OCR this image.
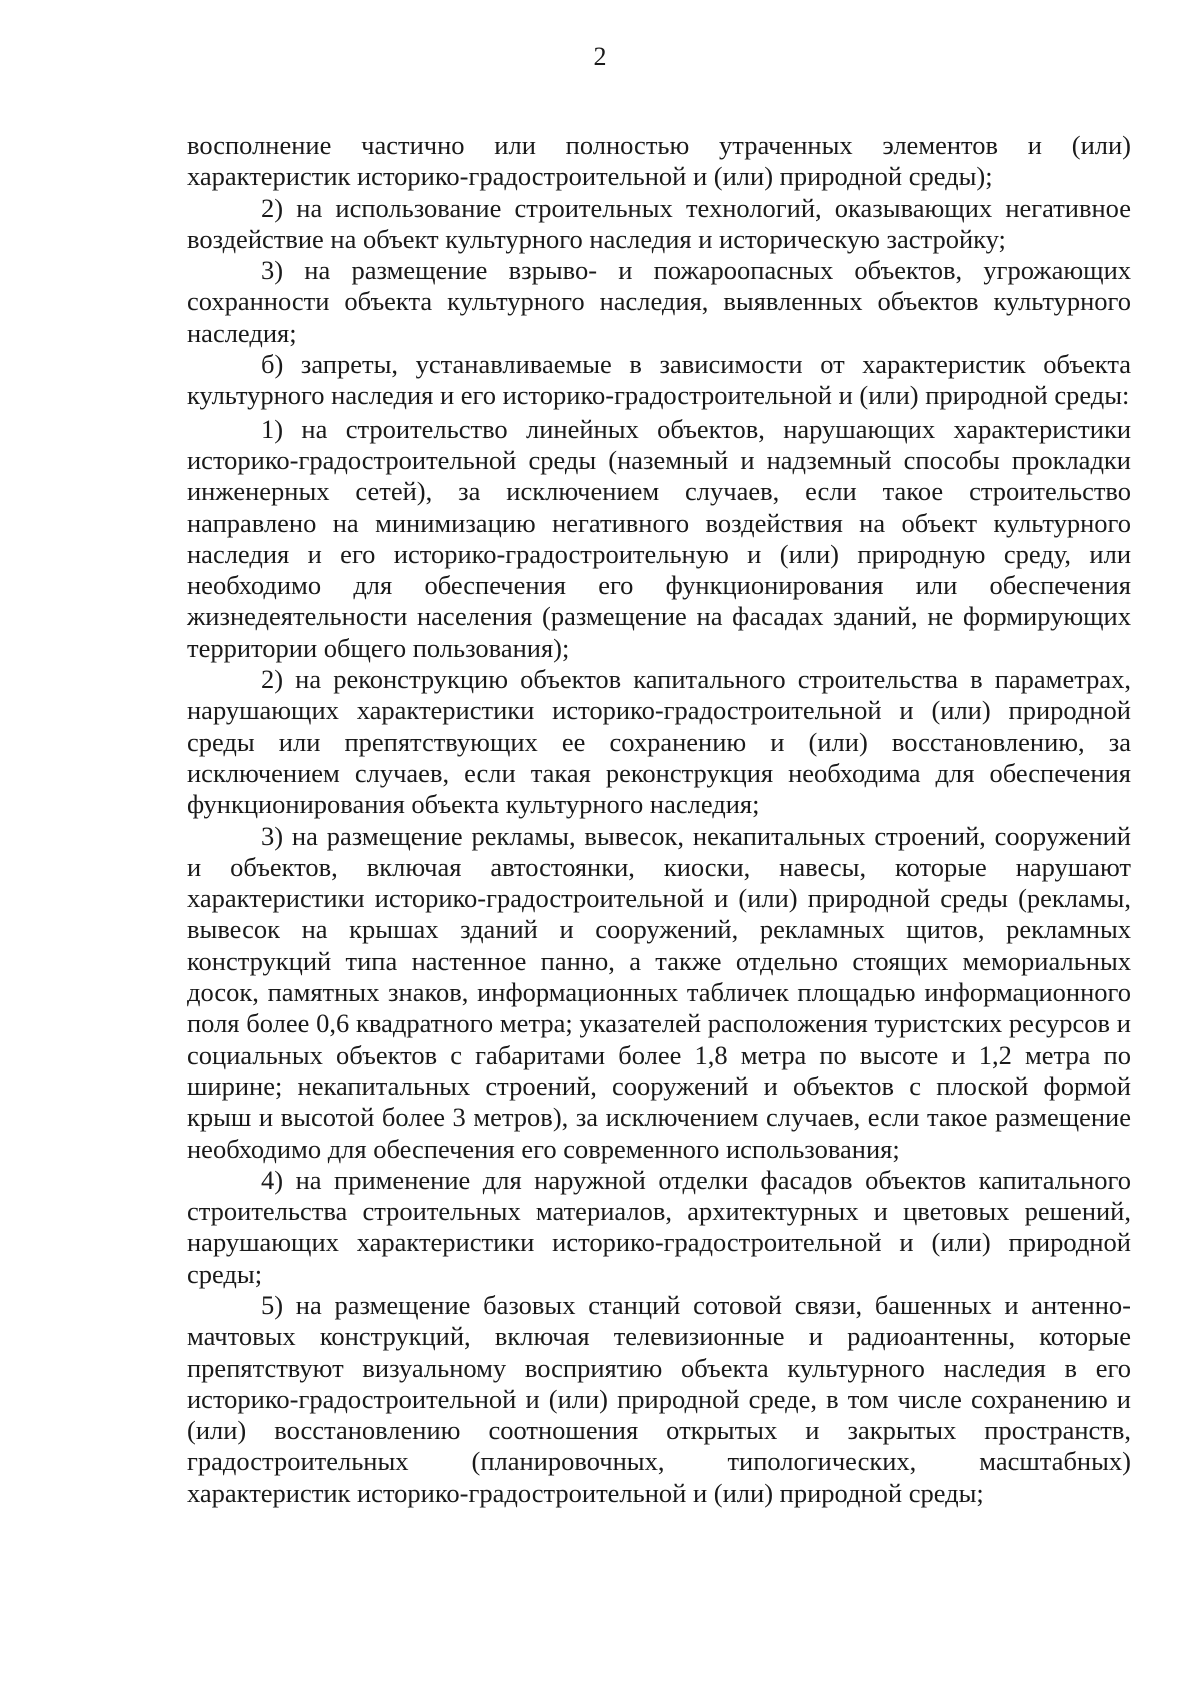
2

восполнение частично или полностью утраченных элементов и (или) характеристик историко-градостроительной и (или) природной среды);

2) на использование строительных технологий, оказывающих негативное воздействие на объект культурного наследия и историческую застройку;

3) на размещение взрыво- и пожароопасных объектов, угрожающих сохранности объекта культурного наследия, выявленных объектов культурного наследия;

б) запреты, устанавливаемые в зависимости от характеристик объекта культурного наследия и его историко-градостроительной и (или) природной среды:

1) на строительство линейных объектов, нарушающих характеристики историко-градостроительной среды (наземный и надземный способы прокладки инженерных сетей), за исключением случаев, если такое строительство направлено на минимизацию негативного воздействия на объект культурного наследия и его историко-градостроительную и (или) природную среду, или необходимо для обеспечения его функционирования или обеспечения жизнедеятельности населения (размещение на фасадах зданий, не формирующих территории общего пользования);

2) на реконструкцию объектов капитального строительства в параметрах, нарушающих характеристики историко-градостроительной и (или) природной среды или препятствующих ее сохранению и (или) восстановлению, за исключением случаев, если такая реконструкция необходима для обеспечения функционирования объекта культурного наследия;

3) на размещение рекламы, вывесок, некапитальных строений, сооружений и объектов, включая автостоянки, киоски, навесы, которые нарушают характеристики историко-градостроительной и (или) природной среды (рекламы, вывесок на крышах зданий и сооружений, рекламных щитов, рекламных конструкций типа настенное панно, а также отдельно стоящих мемориальных досок, памятных знаков, информационных табличек площадью информационного поля более 0,6 квадратного метра; указателей расположения туристских ресурсов и социальных объектов с габаритами более 1,8 метра по высоте и 1,2 метра по ширине; некапитальных строений, сооружений и объектов с плоской формой крыш и высотой более 3 метров), за исключением случаев, если такое размещение необходимо для обеспечения его современного использования;

4) на применение для наружной отделки фасадов объектов капитального строительства строительных материалов, архитектурных и цветовых решений, нарушающих характеристики историко-градостроительной и (или) природной среды;

5) на размещение базовых станций сотовой связи, башенных и антенно-мачтовых конструкций, включая телевизионные и радиоантенны, которые препятствуют визуальному восприятию объекта культурного наследия в его историко-градостроительной и (или) природной среде, в том числе сохранению и (или) восстановлению соотношения открытых и закрытых пространств, градостроительных (планировочных, типологических, масштабных) характеристик историко-градостроительной и (или) природной среды;
